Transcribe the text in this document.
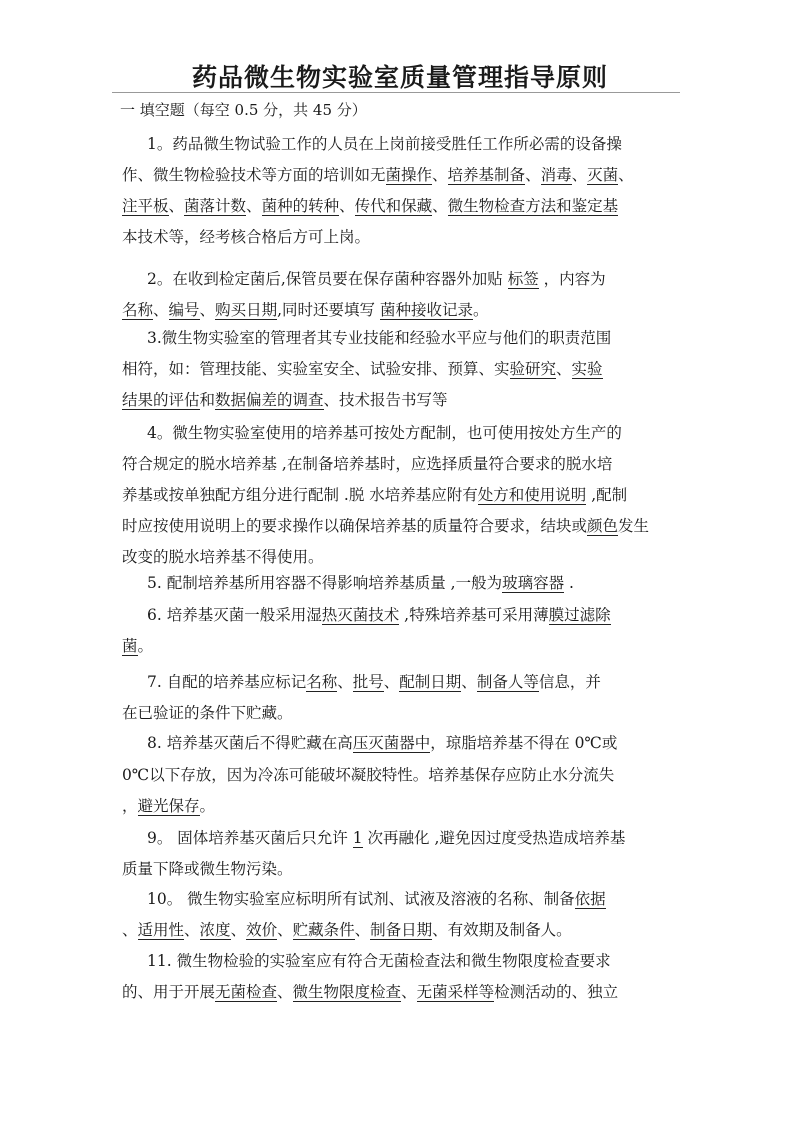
药品微生物实验室质量管理指导原则

一 填空题（每空 0.5 分，共 45 分）

1。药品微生物试验工作的人员在上岗前接受胜任工作所必需的设备操
作、微生物检验技术等方面的培训如无菌操作、培养基制备、消毒、灭菌、
注平板、菌落计数、菌种的转种、传代和保藏、微生物检查方法和鉴定基
本技术等，经考核合格后方可上岗。
2。在收到检定菌后,保管员要在保存菌种容器外加贴 标签 ，内容为
名称、编号、购买日期,同时还要填写 菌种接收记录。
3.微生物实验室的管理者其专业技能和经验水平应与他们的职责范围
相符，如：管理技能、实验室安全、试验安排、预算、实验研究、实验
结果的评估和数据偏差的调查、技术报告书写等
4。微生物实验室使用的培养基可按处方配制，也可使用按处方生产的
符合规定的脱水培养基 ,在制备培养基时，应选择质量符合要求的脱水培
养基或按单独配方组分进行配制 .脱 水培养基应附有处方和使用说明 ,配制
时应按使用说明上的要求操作以确保培养基的质量符合要求，结块或颜色发生
改变的脱水培养基不得使用。
5. 配制培养基所用容器不得影响培养基质量 ,一般为玻璃容器 .
6. 培养基灭菌一般采用湿热灭菌技术 ,特殊培养基可采用薄膜过滤除
菌。
7. 自配的培养基应标记名称、批号、配制日期、制备人等信息，并
在已验证的条件下贮藏。
8. 培养基灭菌后不得贮藏在高压灭菌器中，琼脂培养基不得在 0℃或
0℃以下存放，因为冷冻可能破坏凝胶特性。培养基保存应防止水分流失
，避光保存。
9。 固体培养基灭菌后只允许 1 次再融化 ,避免因过度受热造成培养基
质量下降或微生物污染。
10。 微生物实验室应标明所有试剂、试液及溶液的名称、制备依据
、适用性、浓度、效价、贮藏条件、制备日期、有效期及制备人。
11. 微生物检验的实验室应有符合无菌检查法和微生物限度检查要求
的、用于开展无菌检查、微生物限度检查、无菌采样等检测活动的、独立
